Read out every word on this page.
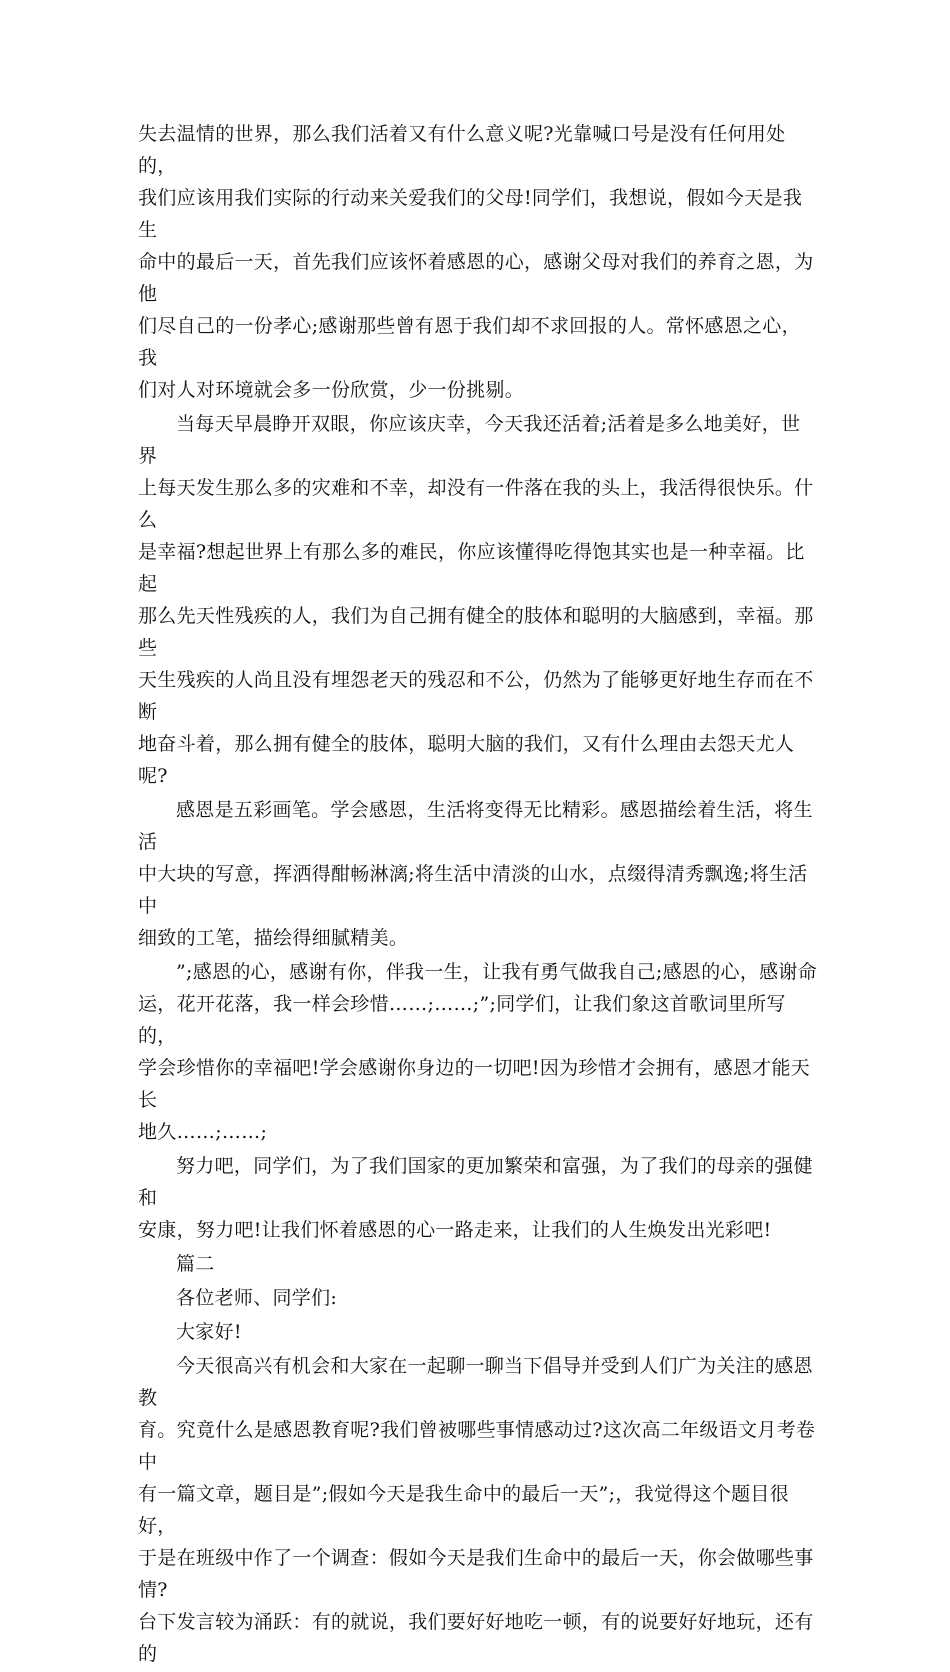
失去温情的世界，那么我们活着又有什么意义呢?光靠喊口号是没有任何用处的，
我们应该用我们实际的行动来关爱我们的父母!同学们，我想说，假如今天是我生
命中的最后一天，首先我们应该怀着感恩的心，感谢父母对我们的养育之恩，为他
们尽自己的一份孝心;感谢那些曾有恩于我们却不求回报的人。常怀感恩之心，我
们对人对环境就会多一份欣赏，少一份挑剔。

当每天早晨睁开双眼，你应该庆幸，今天我还活着;活着是多么地美好，世界
上每天发生那么多的灾难和不幸，却没有一件落在我的头上，我活得很快乐。什么
是幸福?想起世界上有那么多的难民，你应该懂得吃得饱其实也是一种幸福。比起
那么先天性残疾的人，我们为自己拥有健全的肢体和聪明的大脑感到，幸福。那些
天生残疾的人尚且没有埋怨老天的残忍和不公，仍然为了能够更好地生存而在不断
地奋斗着，那么拥有健全的肢体，聪明大脑的我们，又有什么理由去怨天尤人呢?

感恩是五彩画笔。学会感恩，生活将变得无比精彩。感恩描绘着生活，将生活
中大块的写意，挥洒得酣畅淋漓;将生活中清淡的山水，点缀得清秀飘逸;将生活中
细致的工笔，描绘得细腻精美。

”;感恩的心，感谢有你，伴我一生，让我有勇气做我自己;感恩的心，感谢命
运，花开花落，我一样会珍惜……;……;”;同学们，让我们象这首歌词里所写的，
学会珍惜你的幸福吧!学会感谢你身边的一切吧!因为珍惜才会拥有，感恩才能天长
地久……;……;

努力吧，同学们，为了我们国家的更加繁荣和富强，为了我们的母亲的强健和
安康，努力吧!让我们怀着感恩的心一路走来，让我们的人生焕发出光彩吧!

篇二

各位老师、同学们:

大家好!

今天很高兴有机会和大家在一起聊一聊当下倡导并受到人们广为关注的感恩教
育。究竟什么是感恩教育呢?我们曾被哪些事情感动过?这次高二年级语文月考卷中
有一篇文章，题目是”;假如今天是我生命中的最后一天”;，我觉得这个题目很好，
于是在班级中作了一个调查：假如今天是我们生命中的最后一天，你会做哪些事情?
台下发言较为涌跃：有的就说，我们要好好地吃一顿，有的说要好好地玩，还有的
